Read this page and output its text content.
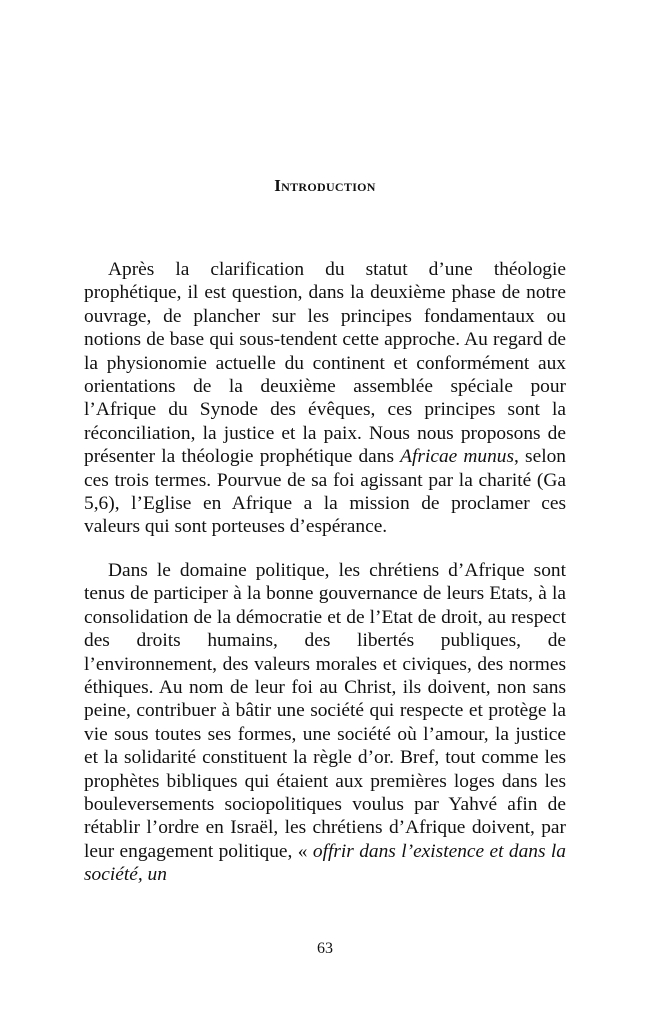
Introduction

Après la clarification du statut d’une théologie prophétique, il est question, dans la deuxième phase de notre ouvrage, de plancher sur les principes fondamentaux ou notions de base qui sous-tendent cette approche. Au regard de la physionomie actuelle du continent et conformément aux orientations de la deuxième assemblée spéciale pour l’Afrique du Synode des évêques, ces principes sont la réconciliation, la justice et la paix. Nous nous proposons de présenter la théologie prophétique dans Africae munus, selon ces trois termes. Pourvue de sa foi agissant par la charité (Ga 5,6), l’Eglise en Afrique a la mission de proclamer ces valeurs qui sont porteuses d’espérance.

Dans le domaine politique, les chrétiens d’Afrique sont tenus de participer à la bonne gouvernance de leurs Etats, à la consolidation de la démocratie et de l’Etat de droit, au respect des droits humains, des libertés publiques, de l’environnement, des valeurs morales et civiques, des normes éthiques. Au nom de leur foi au Christ, ils doivent, non sans peine, contribuer à bâtir une société qui respecte et protège la vie sous toutes ses formes, une société où l’amour, la justice et la solidarité constituent la règle d’or. Bref, tout comme les prophètes bibliques qui étaient aux premières loges dans les bouleversements sociopolitiques voulus par Yahvé afin de rétablir l’ordre en Israël, les chrétiens d’Afrique doivent, par leur engagement politique, « offrir dans l’existence et dans la société, un

63
